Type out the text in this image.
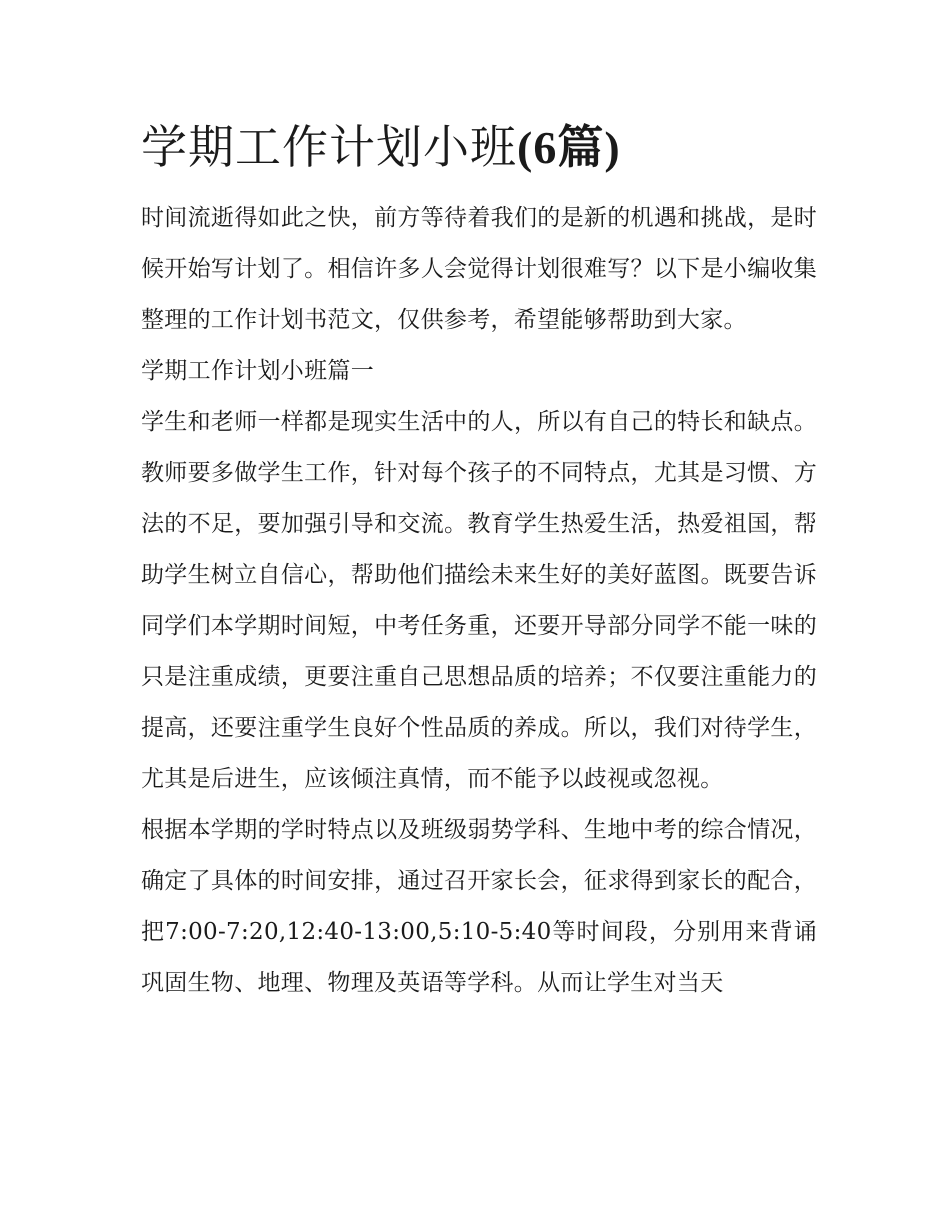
学期工作计划小班(6篇)

时间流逝得如此之快，前方等待着我们的是新的机遇和挑战，是时候开始写计划了。相信许多人会觉得计划很难写？以下是小编收集整理的工作计划书范文，仅供参考，希望能够帮助到大家。

学期工作计划小班篇一

学生和老师一样都是现实生活中的人，所以有自己的特长和缺点。教师要多做学生工作，针对每个孩子的不同特点，尤其是习惯、方法的不足，要加强引导和交流。教育学生热爱生活，热爱祖国，帮助学生树立自信心，帮助他们描绘未来生好的美好蓝图。既要告诉同学们本学期时间短，中考任务重，还要开导部分同学不能一味的只是注重成绩，更要注重自己思想品质的培养；不仅要注重能力的提高，还要注重学生良好个性品质的养成。所以，我们对待学生，尤其是后进生，应该倾注真情，而不能予以歧视或忽视。

根据本学期的学时特点以及班级弱势学科、生地中考的综合情况，确定了具体的时间安排，通过召开家长会，征求得到家长的配合，把7:00-7:20,12:40-13:00,5:10-5:40等时间段，分别用来背诵巩固生物、地理、物理及英语等学科。从而让学生对当天
